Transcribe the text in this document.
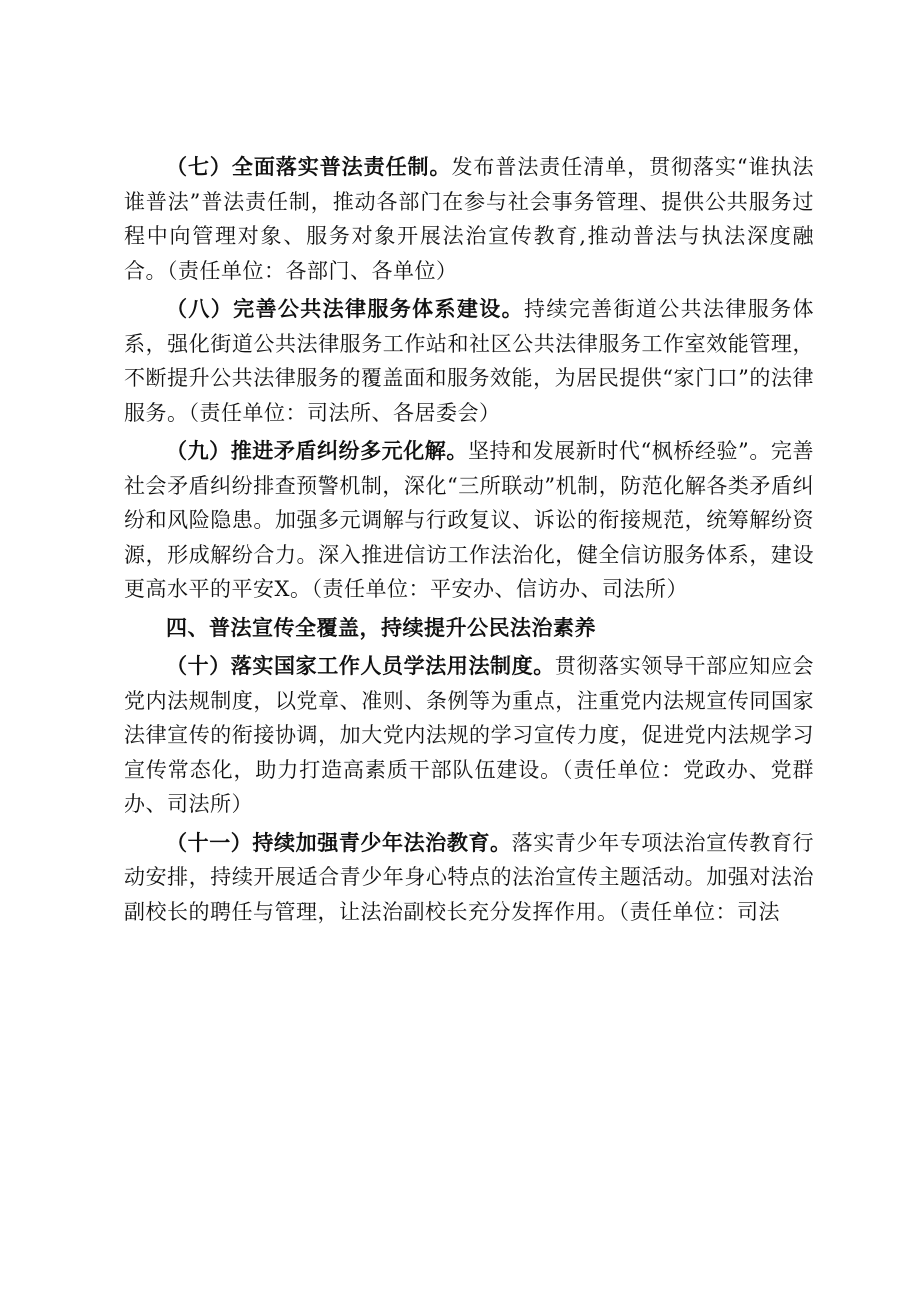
（七）全面落实普法责任制。发布普法责任清单，贯彻落实“谁执法谁普法”普法责任制，推动各部门在参与社会事务管理、提供公共服务过程中向管理对象、服务对象开展法治宣传教育,推动普法与执法深度融合。（责任单位：各部门、各单位）

（八）完善公共法律服务体系建设。持续完善街道公共法律服务体系，强化街道公共法律服务工作站和社区公共法律服务工作室效能管理，不断提升公共法律服务的覆盖面和服务效能，为居民提供“家门口”的法律服务。（责任单位：司法所、各居委会）

（九）推进矛盾纠纷多元化解。坚持和发展新时代“枫桥经验”。完善社会矛盾纠纷排查预警机制，深化“三所联动”机制，防范化解各类矛盾纠纷和风险隐患。加强多元调解与行政复议、诉讼的衔接规范，统筹解纷资源，形成解纷合力。深入推进信访工作法治化，健全信访服务体系，建设更高水平的平安X。（责任单位：平安办、信访办、司法所）

四、普法宣传全覆盖，持续提升公民法治素养

（十）落实国家工作人员学法用法制度。贯彻落实领导干部应知应会党内法规制度，以党章、准则、条例等为重点，注重党内法规宣传同国家法律宣传的衔接协调，加大党内法规的学习宣传力度，促进党内法规学习宣传常态化，助力打造高素质干部队伍建设。（责任单位：党政办、党群办、司法所）

（十一）持续加强青少年法治教育。落实青少年专项法治宣传教育行动安排，持续开展适合青少年身心特点的法治宣传主题活动。加强对法治副校长的聘任与管理，让法治副校长充分发挥作用。（责任单位：司法
